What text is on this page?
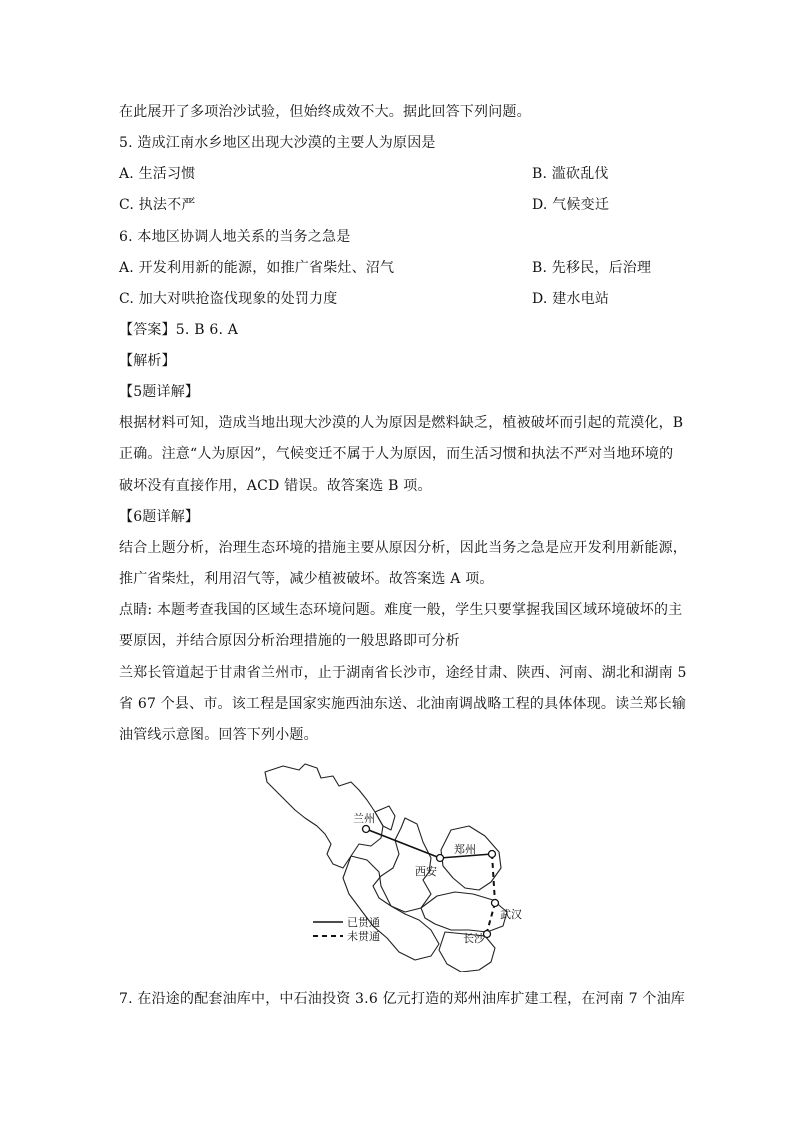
在此展开了多项治沙试验，但始终成效不大。据此回答下列问题。
5. 造成江南水乡地区出现大沙漠的主要人为原因是
A. 生活习惯	B. 滥砍乱伐
C. 执法不严	D. 气候变迁
6. 本地区协调人地关系的当务之急是
A. 开发利用新的能源，如推广省柴灶、沼气	B. 先移民，后治理
C. 加大对哄抢盗伐现象的处罚力度	D. 建水电站
【答案】5. B 6. A
【解析】
【5题详解】
根据材料可知，造成当地出现大沙漠的人为原因是燃料缺乏，植被破坏而引起的荒漠化，B
正确。注意“人为原因”，气候变迁不属于人为原因，而生活习惯和执法不严对当地环境的
破坏没有直接作用，ACD 错误。故答案选 B 项。
【6题详解】
结合上题分析，治理生态环境的措施主要从原因分析，因此当务之急是应开发利用新能源，
推广省柴灶，利用沼气等，减少植被破坏。故答案选 A 项。
点睛: 本题考查我国的区域生态环境问题。难度一般，学生只要掌握我国区域环境破坏的主
要原因，并结合原因分析治理措施的一般思路即可分析
兰郑长管道起于甘肃省兰州市，止于湖南省长沙市，途经甘肃、陕西、河南、湖北和湖南 5
省 67 个县、市。该工程是国家实施西油东送、北油南调战略工程的具体体现。读兰郑长输
油管线示意图。回答下列小题。
兰州
西安
郑州
武汉
长沙
已贯通
未贯通
7. 在沿途的配套油库中，中石油投资 3.6 亿元打造的郑州油库扩建工程，在河南 7 个油库
